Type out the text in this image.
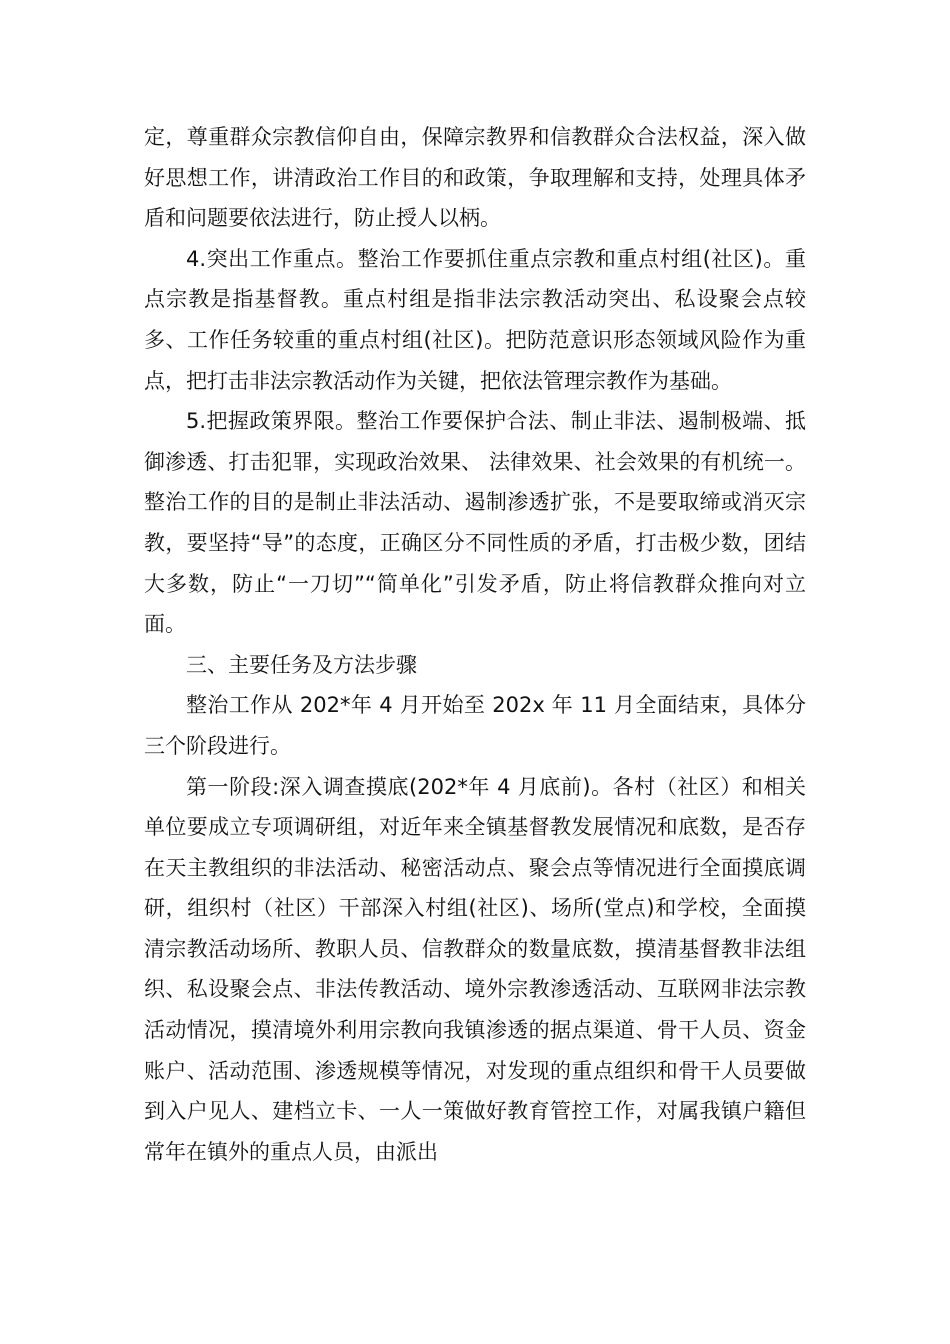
定，尊重群众宗教信仰自由，保障宗教界和信教群众合法权益，深入做好思想工作，讲清政治工作目的和政策，争取理解和支持，处理具体矛盾和问题要依法进行，防止授人以柄。

4.突出工作重点。整治工作要抓住重点宗教和重点村组(社区)。重点宗教是指基督教。重点村组是指非法宗教活动突出、私设聚会点较多、工作任务较重的重点村组(社区)。把防范意识形态领域风险作为重点，把打击非法宗教活动作为关键，把依法管理宗教作为基础。

5.把握政策界限。整治工作要保护合法、制止非法、遏制极端、抵御渗透、打击犯罪，实现政治效果、 法律效果、社会效果的有机统一。整治工作的目的是制止非法活动、遏制渗透扩张，不是要取缔或消灭宗教，要坚持“导”的态度，正确区分不同性质的矛盾，打击极少数，团结大多数，防止“一刀切”“简单化”引发矛盾，防止将信教群众推向对立面。

三、主要任务及方法步骤

整治工作从 202*年 4 月开始至 202x 年 11 月全面结束，具体分三个阶段进行。

第一阶段:深入调查摸底(202*年 4 月底前)。各村（社区）和相关单位要成立专项调研组，对近年来全镇基督教发展情况和底数，是否存在天主教组织的非法活动、秘密活动点、聚会点等情况进行全面摸底调研，组织村（社区）干部深入村组(社区)、场所(堂点)和学校，全面摸清宗教活动场所、教职人员、信教群众的数量底数，摸清基督教非法组织、私设聚会点、非法传教活动、境外宗教渗透活动、互联网非法宗教活动情况，摸清境外利用宗教向我镇渗透的据点渠道、骨干人员、资金账户、活动范围、渗透规模等情况，对发现的重点组织和骨干人员要做到入户见人、建档立卡、一人一策做好教育管控工作，对属我镇户籍但常年在镇外的重点人员，由派出
